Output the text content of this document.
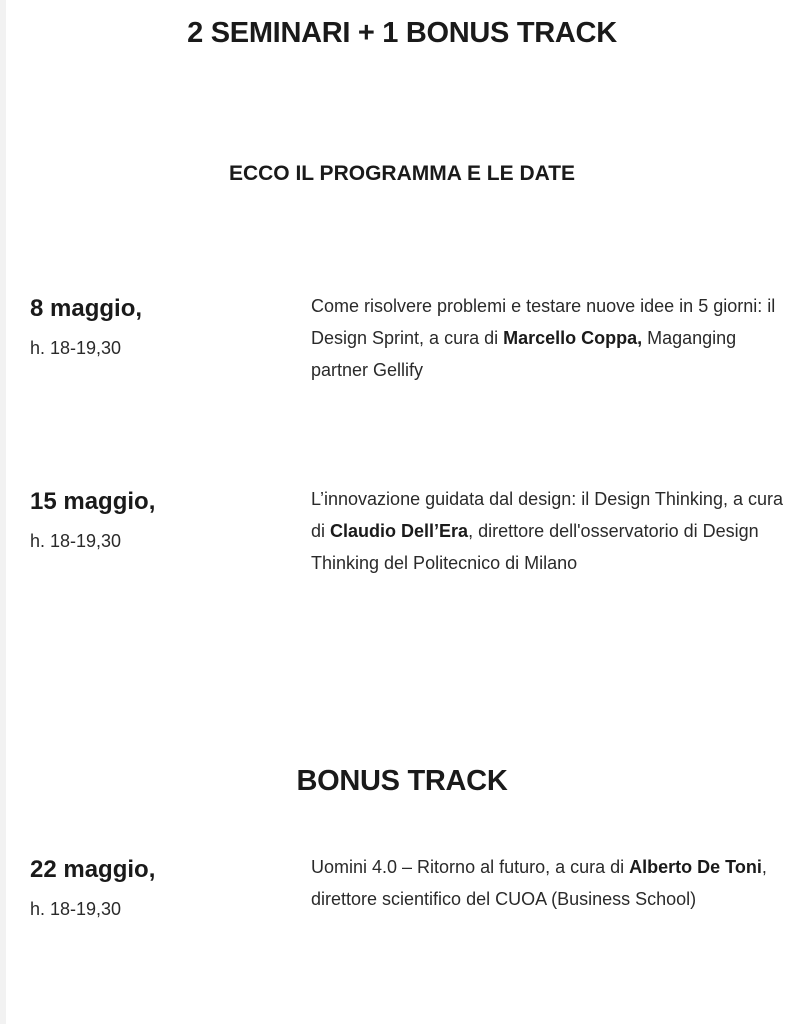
2 SEMINARI + 1 BONUS TRACK
ECCO IL PROGRAMMA E LE DATE
8 maggio,
h. 18-19,30

Come risolvere problemi e testare nuove idee in 5 giorni: il Design Sprint, a cura di Marcello Coppa, Maganging partner Gellify

15 maggio,
h. 18-19,30

L’innovazione guidata dal design: il Design Thinking, a cura di Claudio Dell’Era, direttore dell'osservatorio di Design Thinking del Politecnico di Milano

BONUS TRACK
22 maggio,
h. 18-19,30

Uomini 4.0 – Ritorno al futuro, a cura di Alberto De Toni, direttore scientifico del CUOA (Business School)
